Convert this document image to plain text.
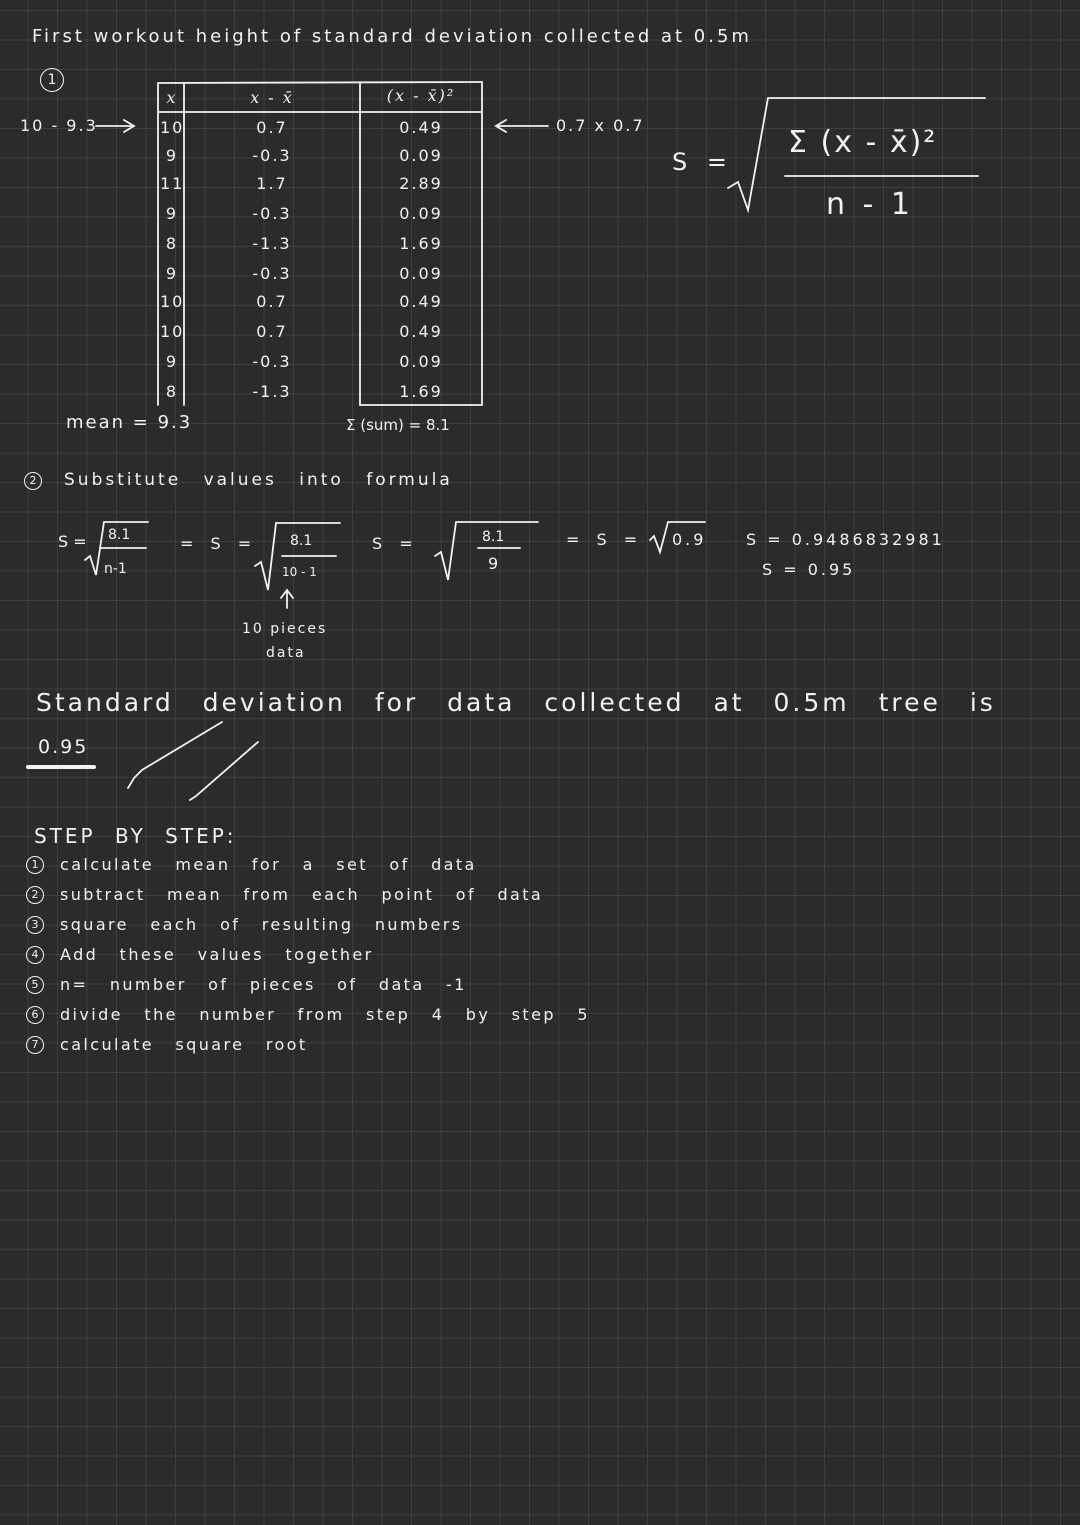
First workout height of standard deviation collected at 0.5m
1
x	x - x̄	(x - x̄)²
10	0.7	0.49
9	-0.3	0.09
11	1.7	2.89
9	-0.3	0.09
8	-1.3	1.69
9	-0.3	0.09
10	0.7	0.49
10	0.7	0.49
9	-0.3	0.09
8	-1.3	1.69
10 - 9.3	0.7 x 0.7
mean = 9.3	Σ (sum) = 8.1
S =
Σ (x - x̄)²
n - 1
2	Substitute values into formula
S = 8.1
n-1
= S = 8.1
10 - 1
10 pieces
data
S =	8.1
9
= S = 0.9 S = 0.9486832981
S = 0.95
Standard deviation for data collected at 0.5m tree is
0.95
STEP BY STEP:
1	calculate mean for a set of data
2	subtract mean from each point of data
3	square each of resulting numbers
4	Add these values together
5	n= number of pieces of data -1
6	divide the number from step 4 by step 5
7	calculate square root
